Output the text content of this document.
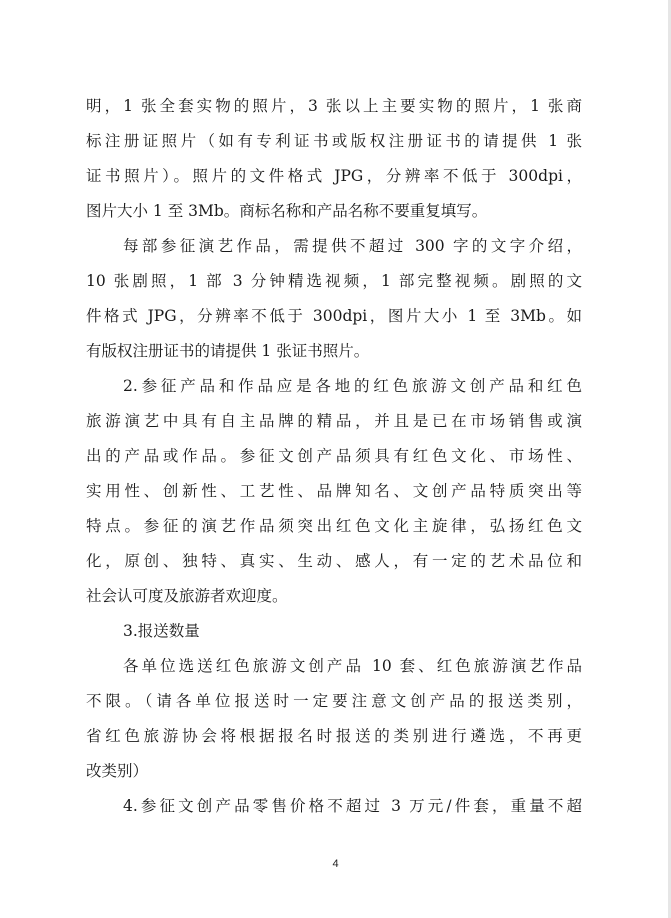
明，1 张全套实物的照片，3 张以上主要实物的照片，1 张商
标注册证照片（如有专利证书或版权注册证书的请提供 1 张
证书照片）。照片的文件格式 JPG，分辨率不低于 300dpi，
图片大小 1 至 3Mb。商标名称和产品名称不要重复填写。
每部参征演艺作品，需提供不超过 300 字的文字介绍，
10 张剧照，1 部 3 分钟精选视频，1 部完整视频。剧照的文
件格式 JPG，分辨率不低于 300dpi，图片大小 1 至 3Mb。如
有版权注册证书的请提供 1 张证书照片。
2.参征产品和作品应是各地的红色旅游文创产品和红色
旅游演艺中具有自主品牌的精品，并且是已在市场销售或演
出的产品或作品。参征文创产品须具有红色文化、市场性、
实用性、创新性、工艺性、品牌知名、文创产品特质突出等
特点。参征的演艺作品须突出红色文化主旋律，弘扬红色文
化，原创、独特、真实、生动、感人，有一定的艺术品位和
社会认可度及旅游者欢迎度。
3.报送数量
各单位选送红色旅游文创产品 10 套、红色旅游演艺作品
不限。（请各单位报送时一定要注意文创产品的报送类别，
省红色旅游协会将根据报名时报送的类别进行遴选，不再更
改类别）
4.参征文创产品零售价格不超过 3 万元/件套，重量不超
4
